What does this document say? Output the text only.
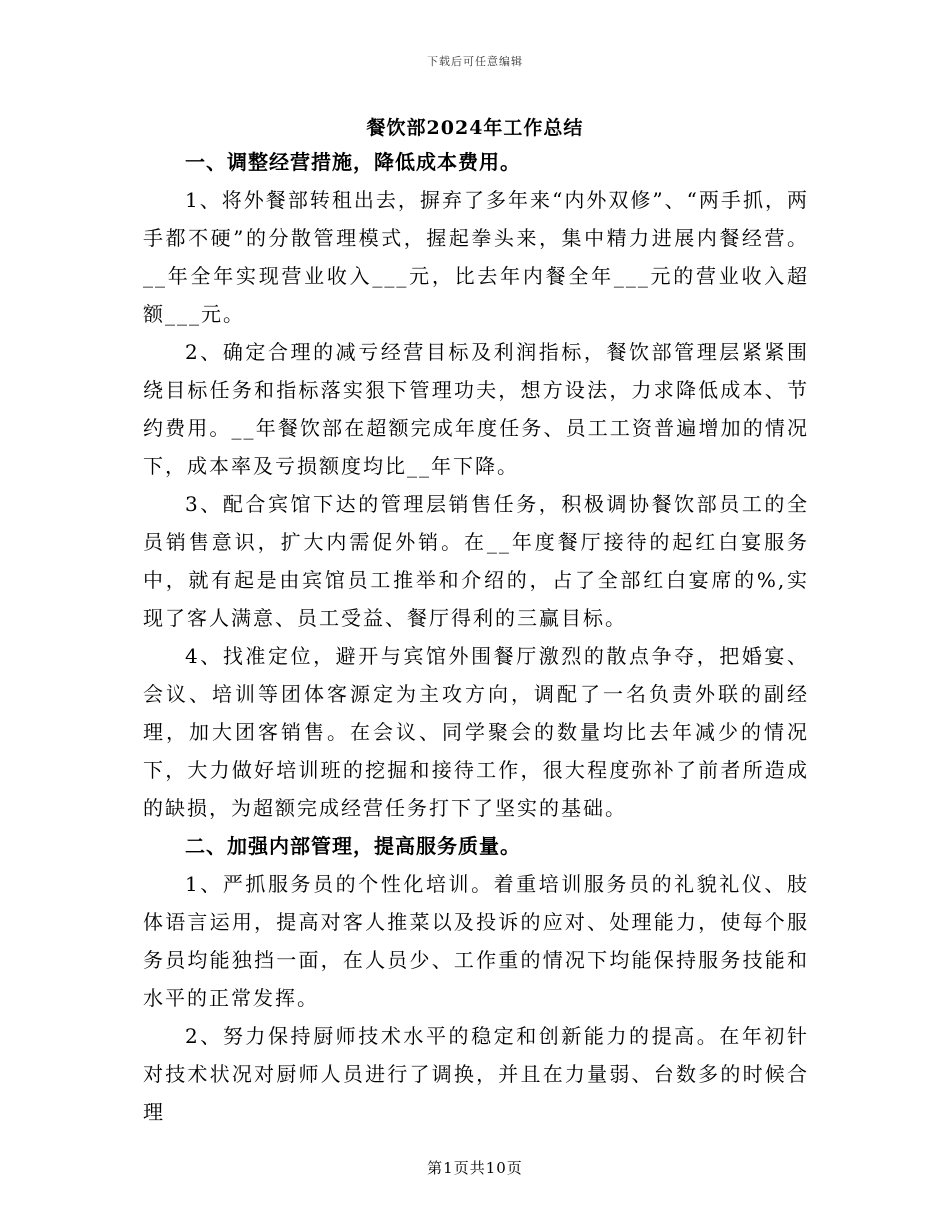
下载后可任意编辑
餐饮部2024年工作总结

一、调整经营措施，降低成本费用。

1、将外餐部转租出去，摒弃了多年来“内外双修”、“两手抓，两手都不硬”的分散管理模式，握起拳头来，集中精力进展内餐经营。__年全年实现营业收入___元，比去年内餐全年___元的营业收入超额___元。

2、确定合理的减亏经营目标及利润指标，餐饮部管理层紧紧围绕目标任务和指标落实狠下管理功夫，想方设法，力求降低成本、节约费用。__年餐饮部在超额完成年度任务、员工工资普遍增加的情况下，成本率及亏损额度均比__年下降。

3、配合宾馆下达的管理层销售任务，积极调协餐饮部员工的全员销售意识，扩大内需促外销。在__年度餐厅接待的起红白宴服务中，就有起是由宾馆员工推举和介绍的，占了全部红白宴席的%,实现了客人满意、员工受益、餐厅得利的三赢目标。

4、找准定位，避开与宾馆外围餐厅激烈的散点争夺，把婚宴、会议、培训等团体客源定为主攻方向，调配了一名负责外联的副经理，加大团客销售。在会议、同学聚会的数量均比去年减少的情况下，大力做好培训班的挖掘和接待工作，很大程度弥补了前者所造成的缺损，为超额完成经营任务打下了坚实的基础。

二、加强内部管理，提高服务质量。

1、严抓服务员的个性化培训。着重培训服务员的礼貌礼仪、肢体语言运用，提高对客人推菜以及投诉的应对、处理能力，使每个服务员均能独挡一面，在人员少、工作重的情况下均能保持服务技能和水平的正常发挥。

2、努力保持厨师技术水平的稳定和创新能力的提高。在年初针对技术状况对厨师人员进行了调换，并且在力量弱、台数多的时候合理

第1页共10页
